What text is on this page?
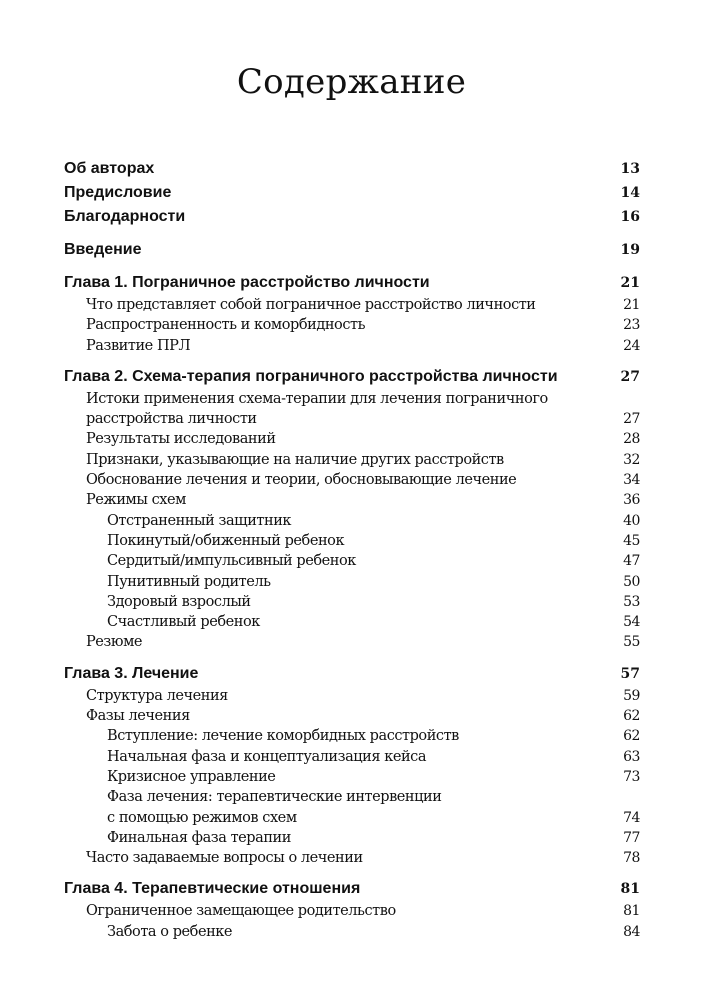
Содержание
Об авторах	13
Предисловие	14
Благодарности	16
Введение	19
Глава 1. Пограничное расстройство личности	21
Что представляет собой пограничное расстройство личности	21
Распространенность и коморбидность	23
Развитие ПРЛ	24
Глава 2. Схема-терапия пограничного расстройства личности	27
Истоки применения схема-терапии для лечения пограничного
расстройства личности	27
Результаты исследований	28
Признаки, указывающие на наличие других расстройств	32
Обоснование лечения и теории, обосновывающие лечение	34
Режимы схем	36
Отстраненный защитник	40
Покинутый/обиженный ребенок	45
Сердитый/импульсивный ребенок	47
Пунитивный родитель	50
Здоровый взрослый	53
Счастливый ребенок	54
Резюме	55
Глава 3. Лечение	57
Структура лечения	59
Фазы лечения	62
Вступление: лечение коморбидных расстройств	62
Начальная фаза и концептуализация кейса	63
Кризисное управление	73
Фаза лечения: терапевтические интервенции
с помощью режимов схем	74
Финальная фаза терапии	77
Часто задаваемые вопросы о лечении	78
Глава 4. Терапевтические отношения	81
Ограниченное замещающее родительство	81
Забота о ребенке	84
